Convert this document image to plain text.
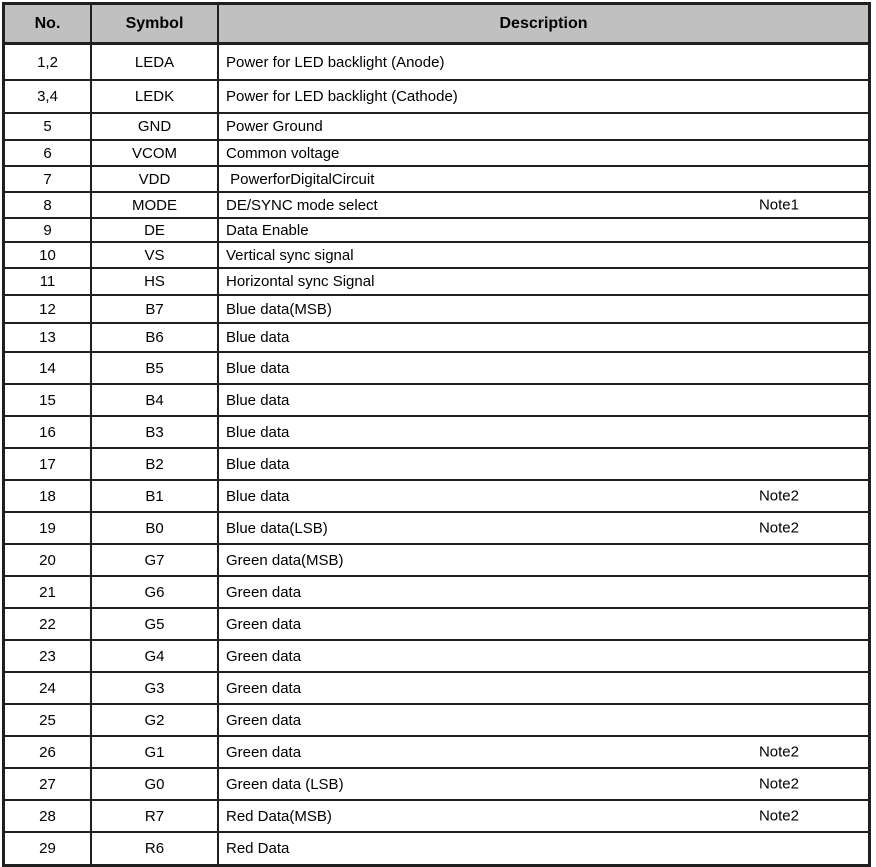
No.	Symbol	Description
1,2	LEDA	Power for LED backlight (Anode)
3,4	LEDK	Power for LED backlight (Cathode)
5	GND	Power Ground
6	VCOM	Common voltage
7	VDD	PowerforDigitalCircuit
8	MODE	DE/SYNC mode select	Note1
9	DE	Data Enable
10	VS	Vertical sync signal
11	HS	Horizontal sync Signal
12	B7	Blue data(MSB)
13	B6	Blue data
14	B5	Blue data
15	B4	Blue data
16	B3	Blue data
17	B2	Blue data
18	B1	Blue data	Note2
19	B0	Blue data(LSB)	Note2
20	G7	Green data(MSB)
21	G6	Green data
22	G5	Green data
23	G4	Green data
24	G3	Green data
25	G2	Green data
26	G1	Green data	Note2
27	G0	Green data (LSB)	Note2
28	R7	Red Data(MSB)	Note2
29	R6	Red Data
